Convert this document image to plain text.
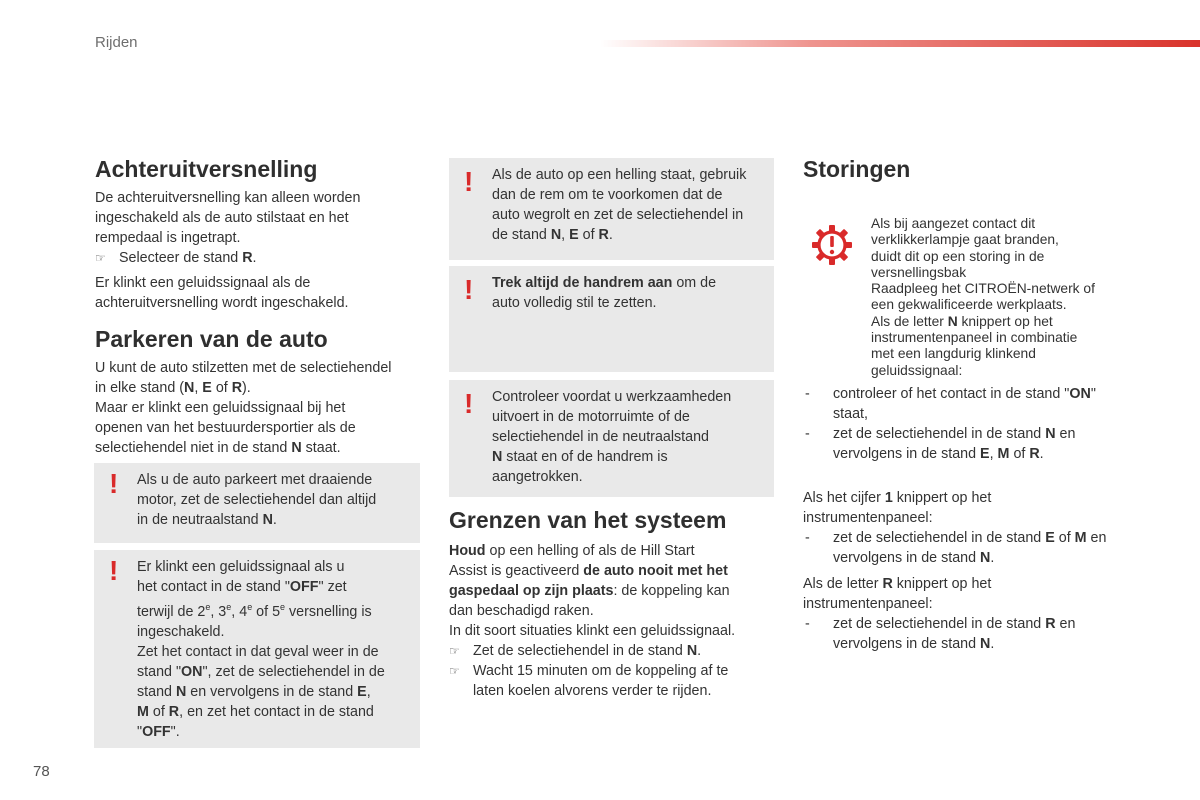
Rijden
Achteruitversnelling

De achteruitversnelling kan alleen worden

ingeschakeld als de auto stilstaat en het

rempedaal is ingetrapt.

☞ Selecteer de stand R.

Er klinkt een geluidssignaal als de

achteruitversnelling wordt ingeschakeld.

Parkeren van de auto

U kunt de auto stilzetten met de selectiehendel

in elke stand (N, E of R).

Maar er klinkt een geluidssignaal bij het

openen van het bestuurdersportier als de

selectiehendel niet in de stand N staat.

!	Als u de auto parkeert met draaiende

motor, zet de selectiehendel dan altijd

in de neutraalstand N.

!	Er klinkt een geluidssignaal als u

het contact in de stand "OFF" zet

terwijl de 2e, 3e, 4e of 5e versnelling is

ingeschakeld.

Zet het contact in dat geval weer in de

stand "ON", zet de selectiehendel in de

stand N en vervolgens in de stand E,

M of R, en zet het contact in de stand

"OFF".

!	Als de auto op een helling staat, gebruik

dan de rem om te voorkomen dat de

auto wegrolt en zet de selectiehendel in

de stand N, E of R.

!	Trek altijd de handrem aan om de

auto volledig stil te zetten.

!	Controleer voordat u werkzaamheden

uitvoert in de motorruimte of de

selectiehendel in de neutraalstand

N staat en of de handrem is

aangetrokken.

Grenzen van het systeem

Houd op een helling of als de Hill Start

Assist is geactiveerd de auto nooit met het

gaspedaal op zijn plaats: de koppeling kan

dan beschadigd raken.

In dit soort situaties klinkt een geluidssignaal.

☞ Zet de selectiehendel in de stand N.
☞ Wacht 15 minuten om de koppeling af te
laten koelen alvorens verder te rijden.
Storingen

Als bij aangezet contact dit

verklikkerlampje gaat branden,

duidt dit op een storing in de

versnellingsbak

Raadpleeg het CITROËN-netwerk of

een gekwalificeerde werkplaats.

Als de letter N knippert op het

instrumentenpaneel in combinatie

met een langdurig klinkend

geluidssignaal:

-	controleer of het contact in de stand "ON"
staat,
-	zet de selectiehendel in de stand N en
vervolgens in de stand E, M of R.

Als het cijfer 1 knippert op het

instrumentenpaneel:

-	zet de selectiehendel in de stand E of M en
vervolgens in de stand N.

Als de letter R knippert op het

instrumentenpaneel:

-	zet de selectiehendel in de stand R en
vervolgens in de stand N.
78
